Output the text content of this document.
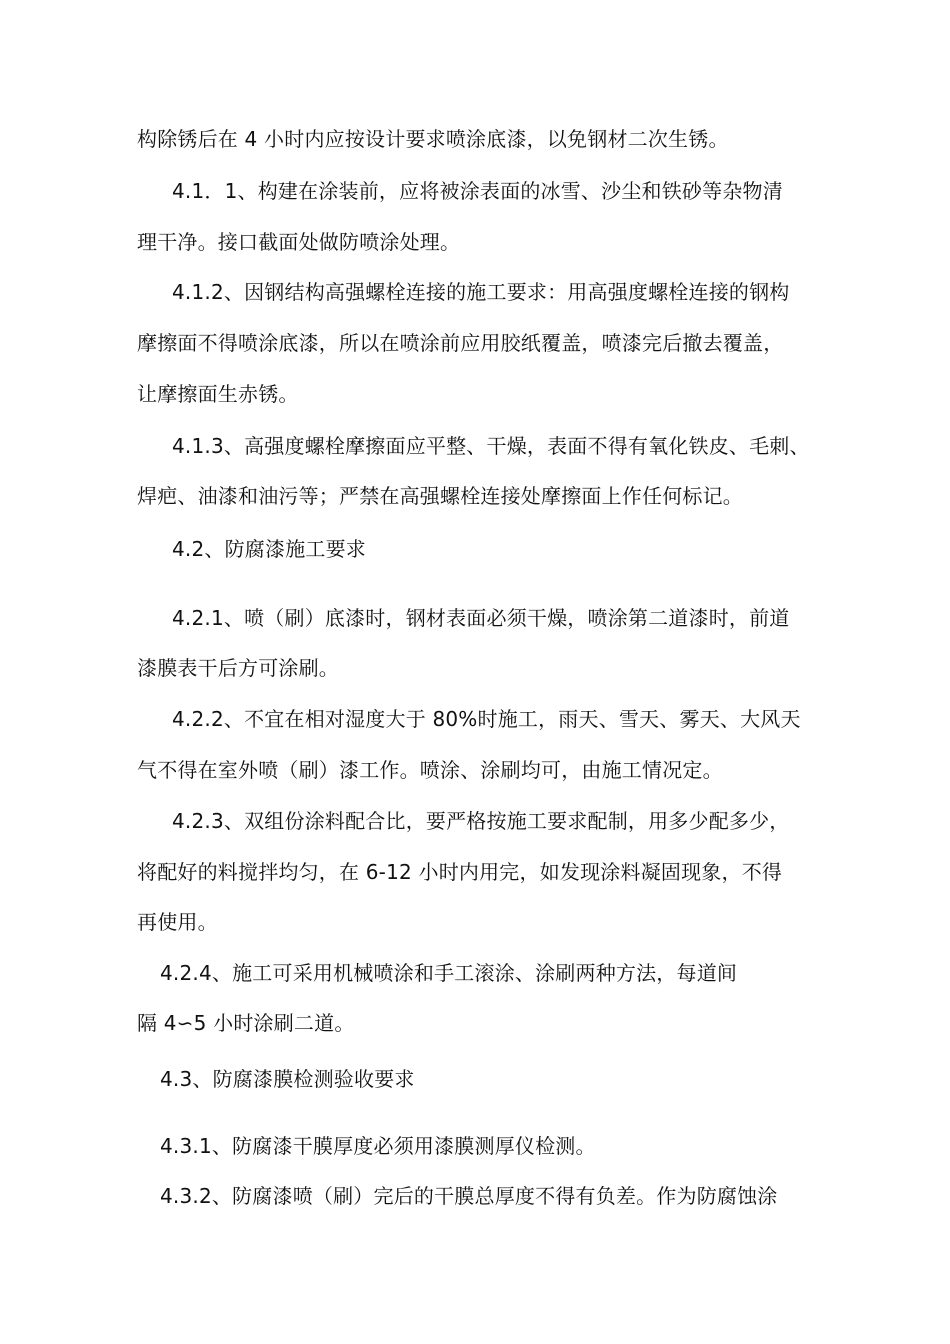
构除锈后在 4 小时内应按设计要求喷涂底漆，以免钢材二次生锈。
4.1．1、构建在涂装前，应将被涂表面的冰雪、沙尘和铁砂等杂物清
理干净。接口截面处做防喷涂处理。
4.1.2、因钢结构高强螺栓连接的施工要求：用高强度螺栓连接的钢构
摩擦面不得喷涂底漆，所以在喷涂前应用胶纸覆盖，喷漆完后撤去覆盖，
让摩擦面生赤锈。
4.1.3、高强度螺栓摩擦面应平整、干燥，表面不得有氧化铁皮、毛刺、
焊疤、油漆和油污等；严禁在高强螺栓连接处摩擦面上作任何标记。
4.2、防腐漆施工要求
4.2.1、喷（刷）底漆时，钢材表面必须干燥，喷涂第二道漆时，前道
漆膜表干后方可涂刷。
4.2.2、不宜在相对湿度大于 80%时施工，雨天、雪天、雾天、大风天
气不得在室外喷（刷）漆工作。喷涂、涂刷均可，由施工情况定。
4.2.3、双组份涂料配合比，要严格按施工要求配制，用多少配多少，
将配好的料搅拌均匀，在 6-12 小时内用完，如发现涂料凝固现象，不得
再使用。
4.2.4、施工可采用机械喷涂和手工滚涂、涂刷两种方法，每道间
隔 4∽5 小时涂刷二道。
4.3、防腐漆膜检测验收要求
4.3.1、防腐漆干膜厚度必须用漆膜测厚仪检测。
4.3.2、防腐漆喷（刷）完后的干膜总厚度不得有负差。作为防腐蚀涂
